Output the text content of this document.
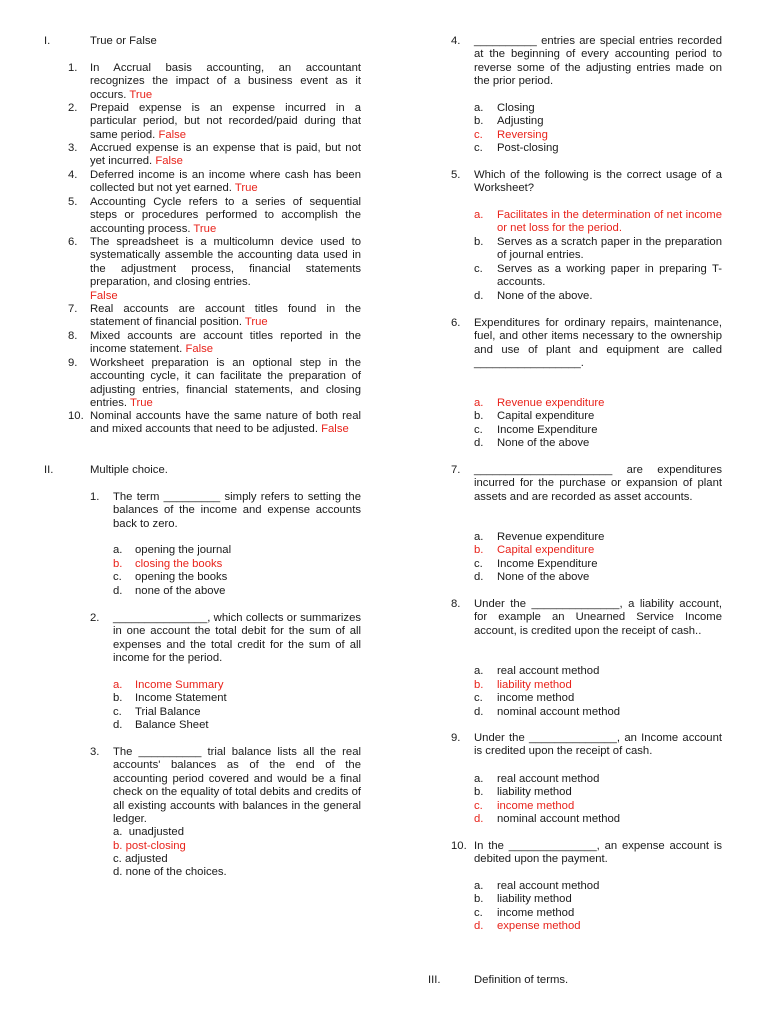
I.	True or False
1. In Accrual basis accounting, an accountant recognizes the impact of a business event as it occurs. True
2. Prepaid expense is an expense incurred in a particular period, but not recorded/paid during that same period. False
3. Accrued expense is an expense that is paid, but not yet incurred. False
4. Deferred income is an income where cash has been collected but not yet earned. True
5. Accounting Cycle refers to a series of sequential steps or procedures performed to accomplish the accounting process. True
6. The spreadsheet is a multicolumn device used to systematically assemble the accounting data used in the adjustment process, financial statements preparation, and closing entries.
False
7. Real accounts are account titles found in the statement of financial position. True
8. Mixed accounts are account titles reported in the income statement. False
9. Worksheet preparation is an optional step in the accounting cycle, it can facilitate the preparation of adjusting entries, financial statements, and closing entries. True
10. Nominal accounts have the same nature of both real and mixed accounts that need to be adjusted. False
II.	Multiple choice.
1. The term _________ simply refers to setting the balances of the income and expense accounts back to zero.
a. opening the journal
b. closing the books
c. opening the books
d. none of the above
2. _______________, which collects or summarizes in one account the total debit for the sum of all expenses and the total credit for the sum of all income for the period.
a. Income Summary
b. Income Statement
c. Trial Balance
d. Balance Sheet
3. The __________ trial balance lists all the real accounts' balances as of the end of the accounting period covered and would be a final check on the equality of total debits and credits of all existing accounts with balances in the general ledger.
a. unadjusted
b. post-closing
c. adjusted
d. none of the choices.
4. __________ entries are special entries recorded at the beginning of every accounting period to reverse some of the adjusting entries made on the prior period.
a. Closing
b. Adjusting
c. Reversing
c. Post-closing
5. Which of the following is the correct usage of a Worksheet?
a. Facilitates in the determination of net income or net loss for the period.
b. Serves as a scratch paper in the preparation of journal entries.
c. Serves as a working paper in preparing T-accounts.
d. None of the above.
6. Expenditures for ordinary repairs, maintenance, fuel, and other items necessary to the ownership and use of plant and equipment are called _________________.
a. Revenue expenditure
b. Capital expenditure
c. Income Expenditure
d. None of the above
7. ______________________ are expenditures incurred for the purchase or expansion of plant assets and are recorded as asset accounts.
a. Revenue expenditure
b. Capital expenditure
c. Income Expenditure
d. None of the above
8. Under the ______________, a liability account, for example an Unearned Service Income account, is credited upon the receipt of cash..
a. real account method
b. liability method
c. income method
d. nominal account method
9. Under the ______________, an Income account is credited upon the receipt of cash.
a. real account method
b. liability method
c. income method
d. nominal account method
10. In the ______________, an expense account is debited upon the payment.
a. real account method
b. liability method
c. income method
d. expense method
III.	Definition of terms.
